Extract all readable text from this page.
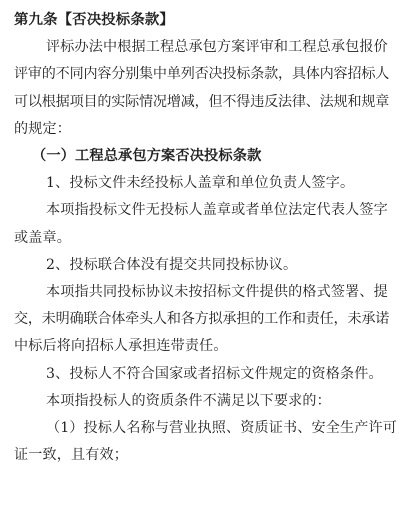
第九条【否决投标条款】
评标办法中根据工程总承包方案评审和工程总承包报价
评审的不同内容分别集中单列否决投标条款，具体内容招标人
可以根据项目的实际情况增减，但不得违反法律、法规和规章
的规定：
（一）工程总承包方案否决投标条款
1、投标文件未经投标人盖章和单位负责人签字。
本项指投标文件无投标人盖章或者单位法定代表人签字
或盖章。
2、投标联合体没有提交共同投标协议。
本项指共同投标协议未按招标文件提供的格式签署、提
交，未明确联合体牵头人和各方拟承担的工作和责任，未承诺
中标后将向招标人承担连带责任。
3、投标人不符合国家或者招标文件规定的资格条件。
本项指投标人的资质条件不满足以下要求的：
（1）投标人名称与营业执照、资质证书、安全生产许可
证一致，且有效；
